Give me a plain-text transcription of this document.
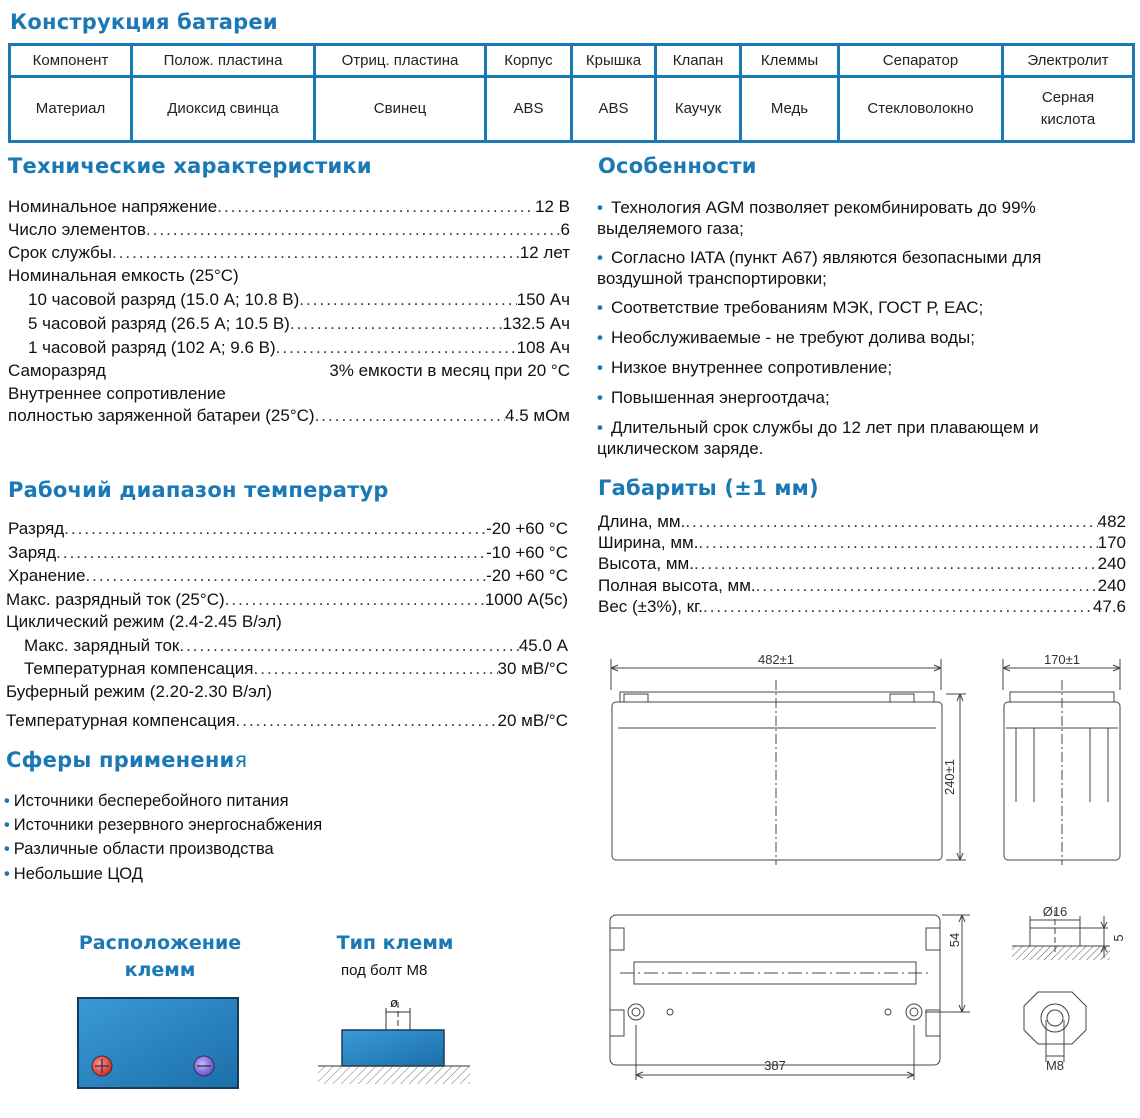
Конструкция батареи
Компонент	Полож. пластина	Отриц. пластина	Корпус	Крышка	Клапан	Клеммы	Сепаратор	Электролит
Материал	Диоксид свинца	Свинец	ABS	ABS	Каучук	Медь	Стекловолокно	Серная кислота
Технические характеристики
Номинальное напряжение .....	12 В
Число элементов .....	6
Срок службы .....	12 лет
Номинальная емкость (25°C)
10 часовой разряд (15.0 A; 10.8 В) .....	150 Ач
5 часовой разряд (26.5 A; 10.5 В) .....	132.5 Ач
1 часовой разряд (102 A; 9.6 В) .....	108 Ач
Саморазряд	3% емкости в месяц при 20 °С
Внутреннее сопротивление
полностью заряженной батареи (25°C) .....	4.5 мОм
Особенности
• Технология AGM позволяет рекомбинировать до 99% выделяемого газа;
• Согласно IATA (пункт A67) являются безопасными для воздушной транспортировки;
• Соответствие требованиям МЭК, ГОСТ Р, ЕАС;
• Необслуживаемые - не требуют долива воды;
• Низкое внутреннее сопротивление;
• Повышенная энергоотдача;
• Длительный срок службы до 12 лет при плавающем и циклическом заряде.
Рабочий диапазон температур
Разряд .....	-20 +60 °С
Заряд .....	-10 +60 °С
Хранение .....	-20 +60 °С
Макс. разрядный ток (25°С) .....	1000 А(5с)
Циклический режим (2.4-2.45 В/эл)
Макс. зарядный ток .....	45.0 А
Температурная компенсация .....	30 мВ/°С
Буферный режим (2.20-2.30 В/эл)
Температурная компенсация .....	20 мВ/°С
Габариты (±1 мм)
Длина, мм. .....	482
Ширина, мм. .....	170
Высота, мм. .....	240
Полная высота, мм. .....	240
Вес (±3%), кг. .....	47.6
Сферы применения
• Источники бесперебойного питания
• Источники резервного энергоснабжения
• Различные области производства
• Небольшие ЦОД
Расположение клемм
Тип клемм
под болт М8
ø
482±1	170±1
240±1
54
387
Ø16
5
M8
